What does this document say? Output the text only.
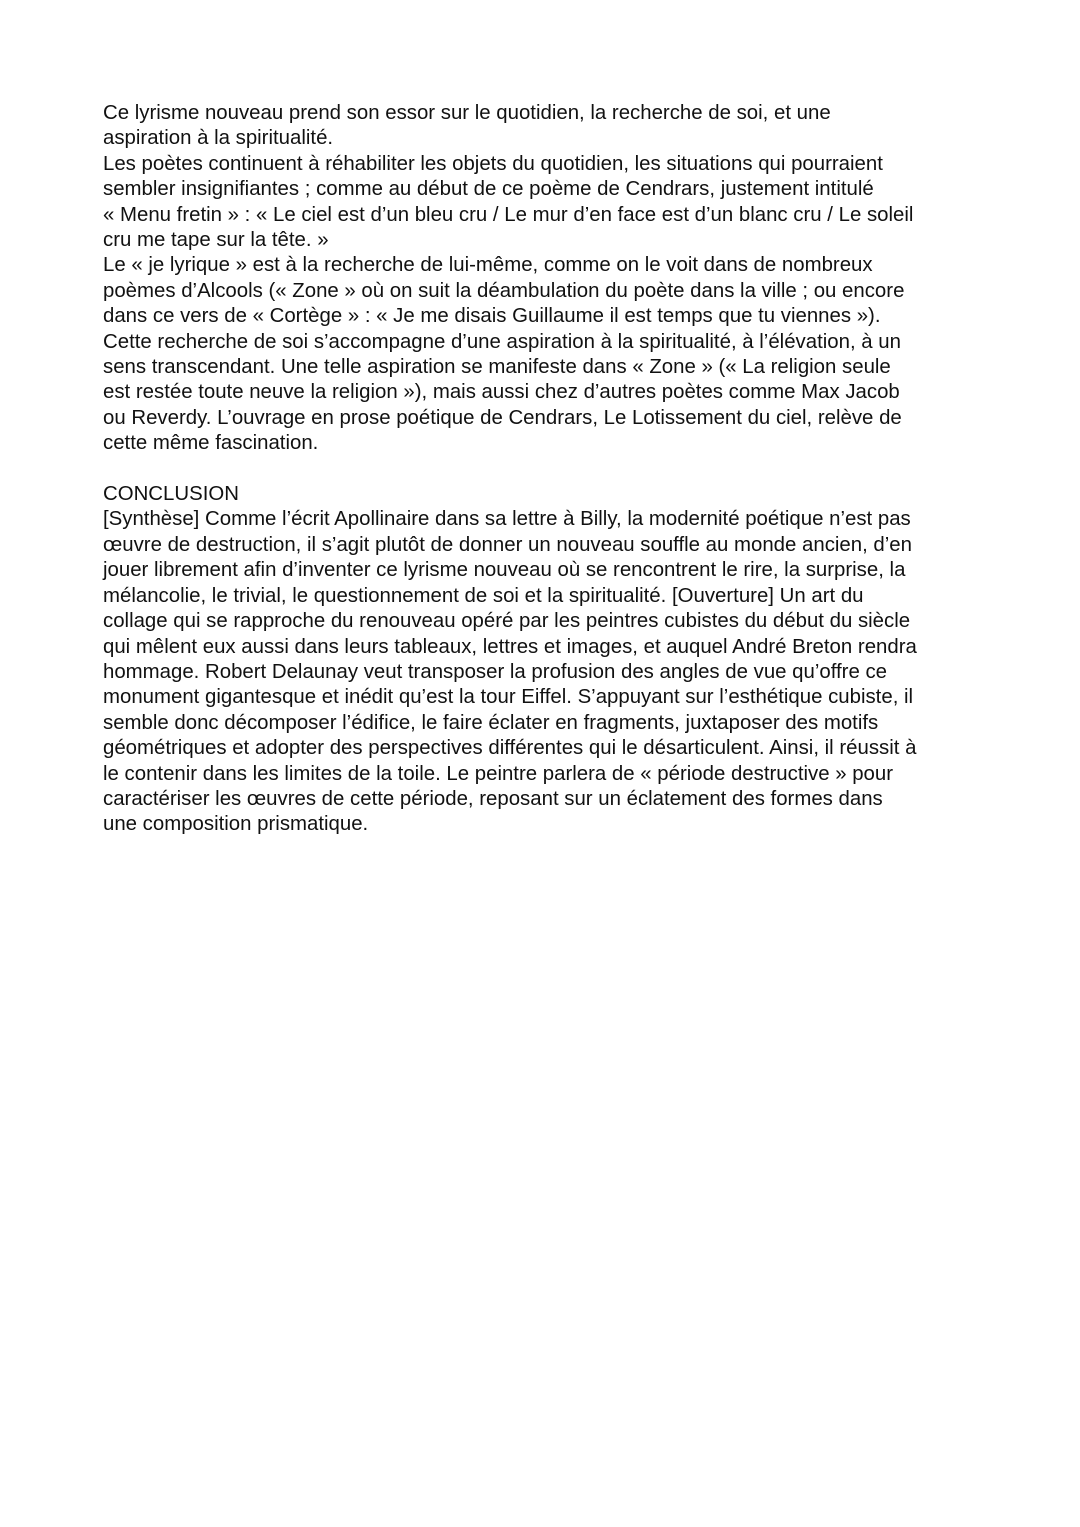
Ce lyrisme nouveau prend son essor sur le quotidien, la recherche de soi, et une
aspiration à la spiritualité.
Les poètes continuent à réhabiliter les objets du quotidien, les situations qui pourraient
sembler insignifiantes ; comme au début de ce poème de Cendrars, justement intitulé
« Menu fretin » : « Le ciel est d’un bleu cru / Le mur d’en face est d’un blanc cru / Le soleil
cru me tape sur la tête. »
Le « je lyrique » est à la recherche de lui-même, comme on le voit dans de nombreux
poèmes d’Alcools (« Zone » où on suit la déambulation du poète dans la ville ; ou encore
dans ce vers de « Cortège » : « Je me disais Guillaume il est temps que tu viennes »).
Cette recherche de soi s’accompagne d’une aspiration à la spiritualité, à l’élévation, à un
sens transcendant. Une telle aspiration se manifeste dans « Zone » (« La religion seule
est restée toute neuve la religion »), mais aussi chez d’autres poètes comme Max Jacob
ou Reverdy. L’ouvrage en prose poétique de Cendrars, Le Lotissement du ciel, relève de
cette même fascination.
CONCLUSION
[Synthèse] Comme l’écrit Apollinaire dans sa lettre à Billy, la modernité poétique n’est pas
œuvre de destruction, il s’agit plutôt de donner un nouveau souffle au monde ancien, d’en
jouer librement afin d’inventer ce lyrisme nouveau où se rencontrent le rire, la surprise, la
mélancolie, le trivial, le questionnement de soi et la spiritualité. [Ouverture] Un art du
collage qui se rapproche du renouveau opéré par les peintres cubistes du début du siècle
qui mêlent eux aussi dans leurs tableaux, lettres et images, et auquel André Breton rendra
hommage. Robert Delaunay veut transposer la profusion des angles de vue qu’offre ce
monument gigantesque et inédit qu’est la tour Eiffel. S’appuyant sur l’esthétique cubiste, il
semble donc décomposer l’édifice, le faire éclater en fragments, juxtaposer des motifs
géométriques et adopter des perspectives différentes qui le désarticulent. Ainsi, il réussit à
le contenir dans les limites de la toile. Le peintre parlera de « période destructive » pour
caractériser les œuvres de cette période, reposant sur un éclatement des formes dans
une composition prismatique.
